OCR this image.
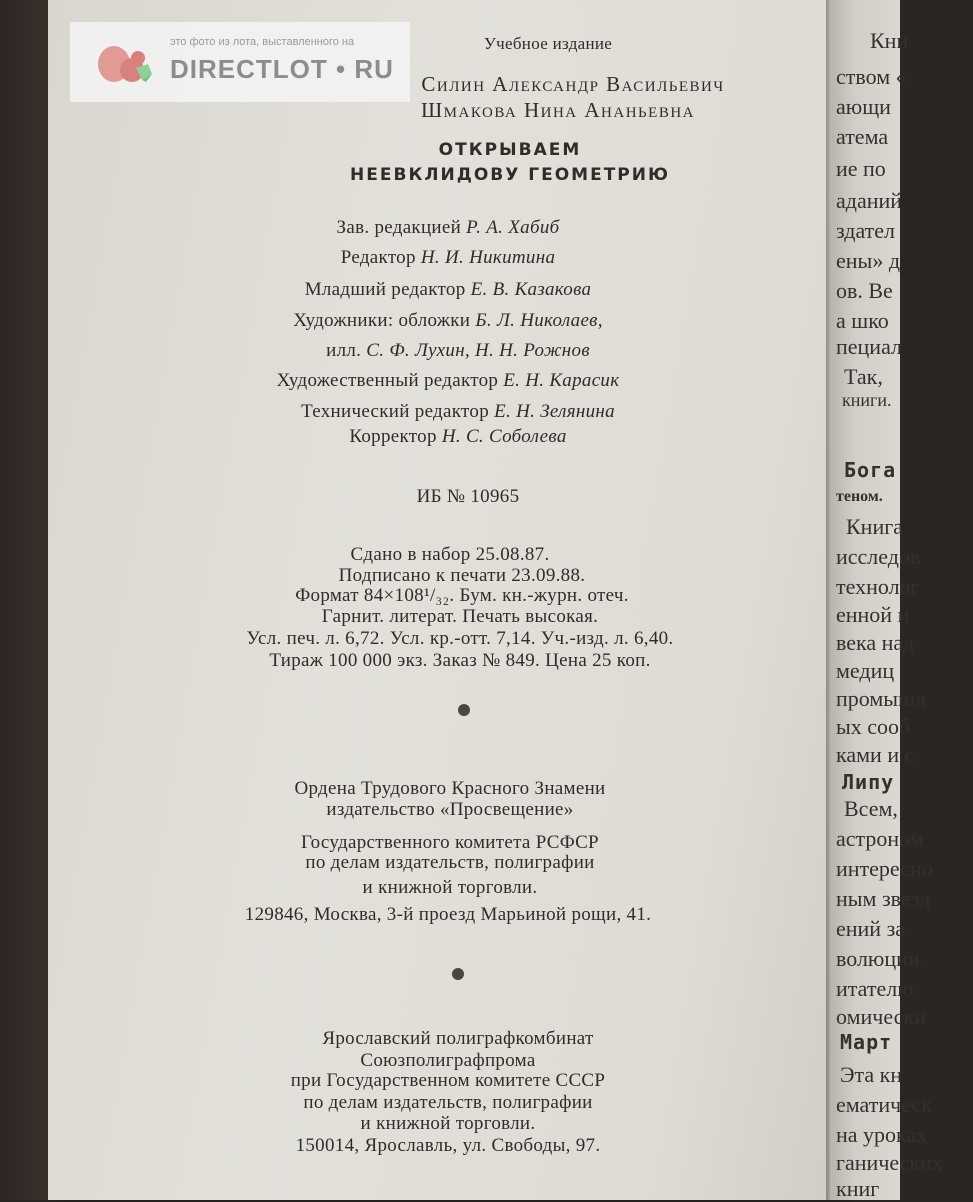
Учебное издание
Силин Александр Васильевич
Шмакова Нина Ананьевна
ОТКРЫВАЕМ
НЕЕВКЛИДОВУ ГЕОМЕТРИЮ
Зав. редакцией Р. А. Хабиб
Редактор Н. И. Никитина
Младший редактор Е. В. Казакова
Художники: обложки Б. Л. Николаев,
илл. С. Ф. Лухин, Н. Н. Рожнов
Художественный редактор Е. Н. Карасик
Технический редактор Е. Н. Зелянина
Корректор Н. С. Соболева
ИБ № 10965
Сдано в набор 25.08.87.
Подписано к печати 23.09.88.
Формат 84×108¹/₃₂. Бум. кн.-журн. отеч.
Гарнит. литерат. Печать высокая.
Усл. печ. л. 6,72. Усл. кр.-отт. 7,14. Уч.-изд. л. 6,40.
Тираж 100 000 экз. Заказ № 849. Цена 25 коп.
Ордена Трудового Красного Знамени
издательство «Просвещение»
Государственного комитета РСФСР
по делам издательств, полиграфии
и книжной торговли.
129846, Москва, 3-й проезд Марьиной рощи, 41.
Ярославский полиграфкомбинат
Союзполиграфпрома
при Государственном комитете СССР
по делам издательств, полиграфии
и книжной торговли.
150014, Ярославль, ул. Свободы, 97.
это фото из лота, выставленного на
DIRECTLOT • RU
Кни
ством «
ающи
атема
ие по
аданий
здател
ены» д
ов. Ве
а шко
пециал
Так,
книги.
Бога
теном.
Книга
исследов
технолог
енной и
века над
медиц
промышл
ых сооб
ками и с
Липу
Всем,
астроном
интересно
ным звезд
ений за
волюции.
итателю
омически
Март
Эта кн
ематическ
на уроках
ганических
книг
